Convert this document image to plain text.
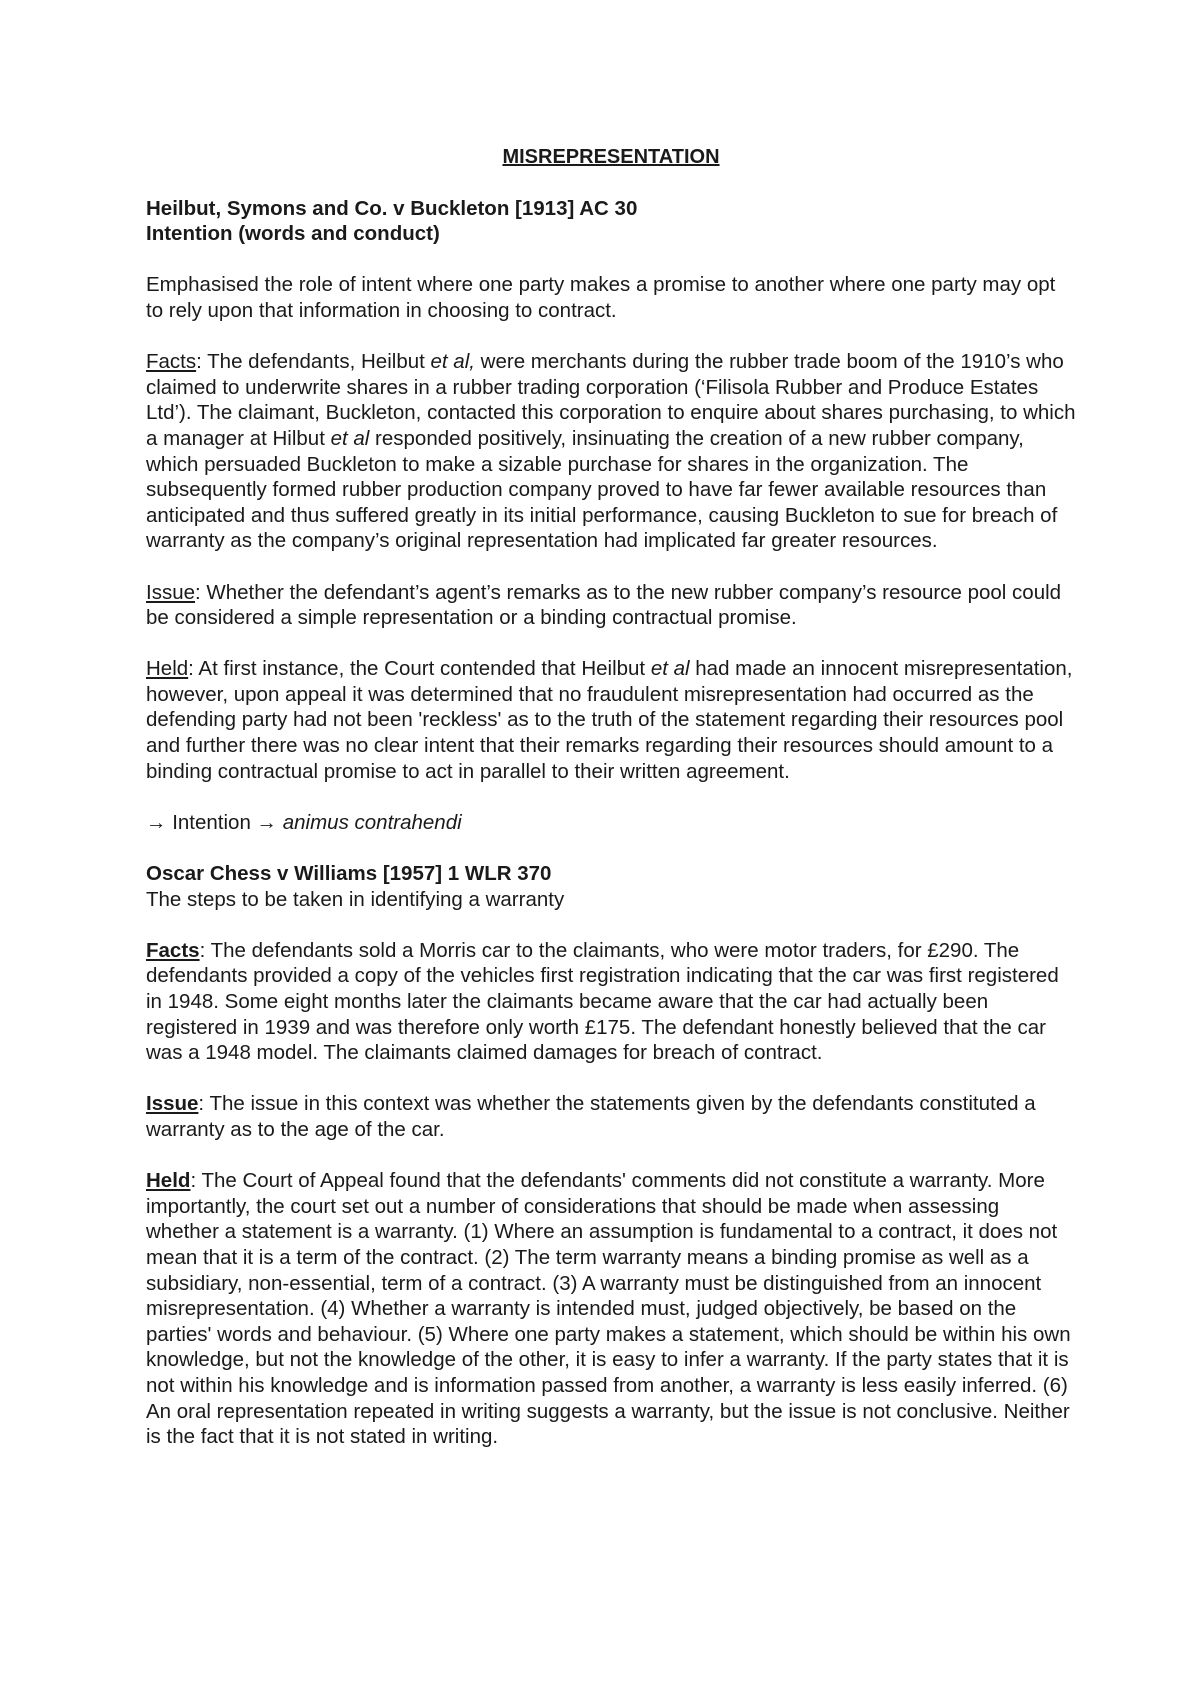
MISREPRESENTATION

Heilbut, Symons and Co. v Buckleton [1913] AC 30

Intention (words and conduct)

Emphasised the role of intent where one party makes a promise to another where one party may opt to rely upon that information in choosing to contract.

Facts: The defendants, Heilbut et al, were merchants during the rubber trade boom of the 1910’s who claimed to underwrite shares in a rubber trading corporation (‘Filisola Rubber and Produce Estates Ltd’). The claimant, Buckleton, contacted this corporation to enquire about shares purchasing, to which a manager at Hilbut et al responded positively, insinuating the creation of a new rubber company, which persuaded Buckleton to make a sizable purchase for shares in the organization. The subsequently formed rubber production company proved to have far fewer available resources than anticipated and thus suffered greatly in its initial performance, causing Buckleton to sue for breach of warranty as the company’s original representation had implicated far greater resources.

Issue: Whether the defendant’s agent’s remarks as to the new rubber company’s resource pool could be considered a simple representation or a binding contractual promise.

Held: At first instance, the Court contended that Heilbut et al had made an innocent misrepresentation, however, upon appeal it was determined that no fraudulent misrepresentation had occurred as the defending party had not been 'reckless' as to the truth of the statement regarding their resources pool and further there was no clear intent that their remarks regarding their resources should amount to a binding contractual promise to act in parallel to their written agreement.

→ Intention → animus contrahendi

Oscar Chess v Williams [1957] 1 WLR 370

The steps to be taken in identifying a warranty

Facts: The defendants sold a Morris car to the claimants, who were motor traders, for £290. The defendants provided a copy of the vehicles first registration indicating that the car was first registered in 1948. Some eight months later the claimants became aware that the car had actually been registered in 1939 and was therefore only worth £175. The defendant honestly believed that the car was a 1948 model. The claimants claimed damages for breach of contract.

Issue: The issue in this context was whether the statements given by the defendants constituted a warranty as to the age of the car.

Held: The Court of Appeal found that the defendants' comments did not constitute a warranty. More importantly, the court set out a number of considerations that should be made when assessing whether a statement is a warranty. (1) Where an assumption is fundamental to a contract, it does not mean that it is a term of the contract. (2) The term warranty means a binding promise as well as a subsidiary, non-essential, term of a contract. (3) A warranty must be distinguished from an innocent misrepresentation. (4) Whether a warranty is intended must, judged objectively, be based on the parties' words and behaviour. (5) Where one party makes a statement, which should be within his own knowledge, but not the knowledge of the other, it is easy to infer a warranty. If the party states that it is not within his knowledge and is information passed from another, a warranty is less easily inferred. (6) An oral representation repeated in writing suggests a warranty, but the issue is not conclusive. Neither is the fact that it is not stated in writing.
